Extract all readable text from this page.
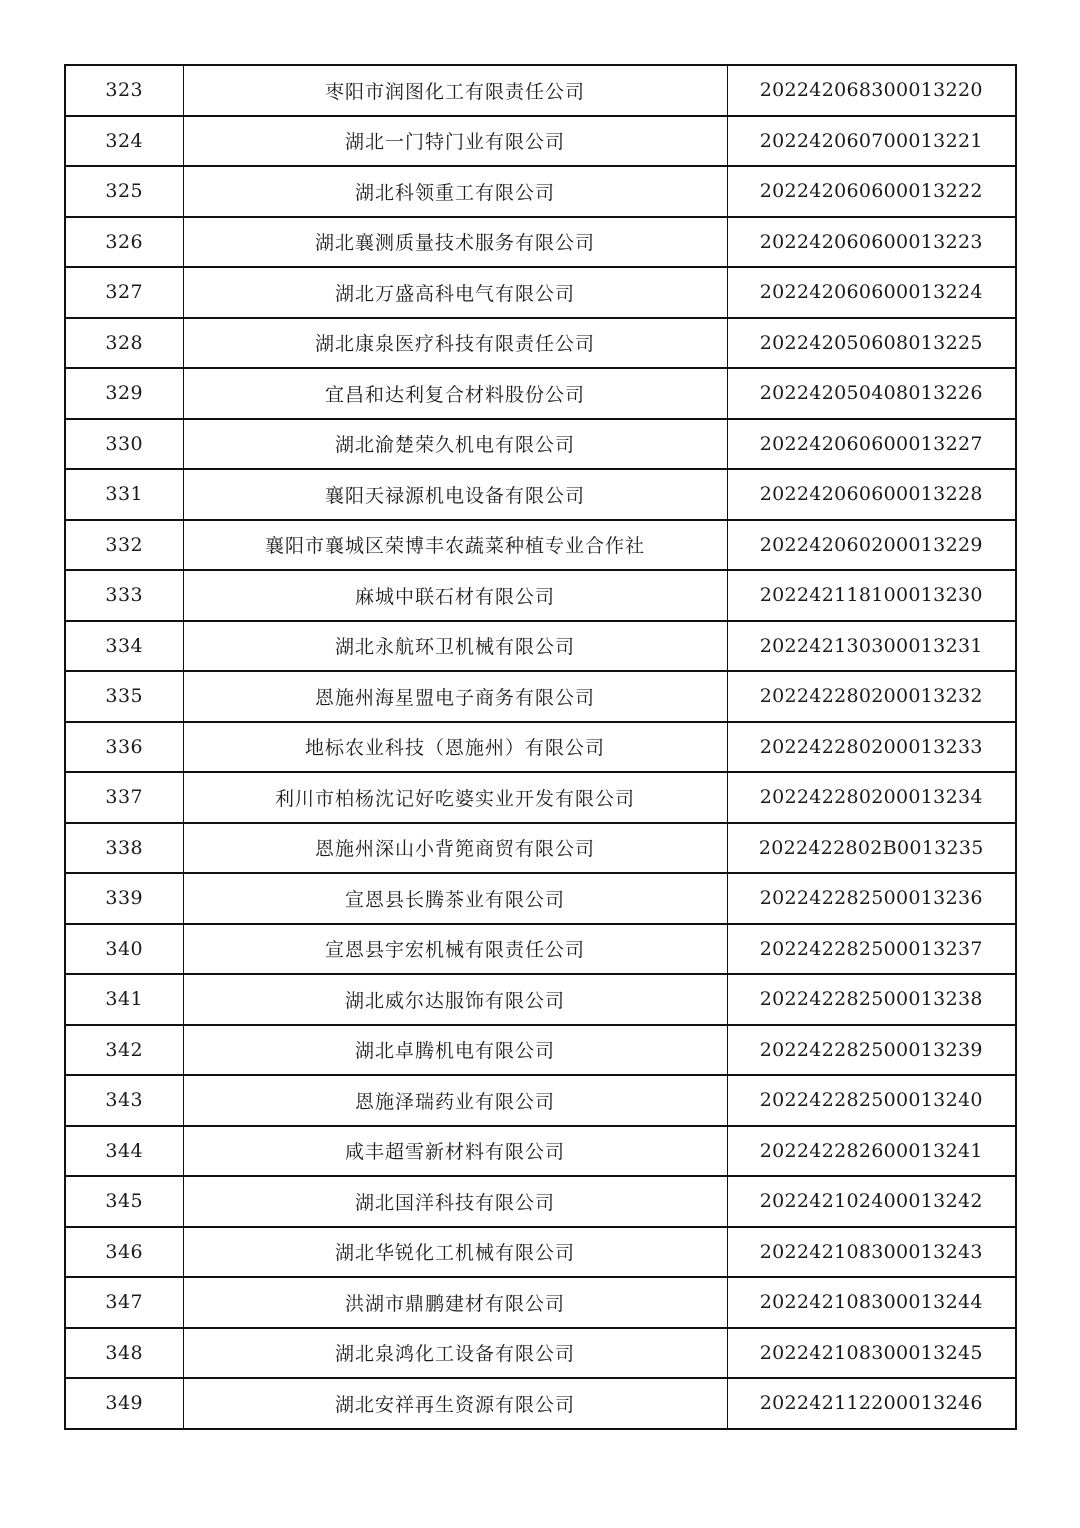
323	枣阳市润图化工有限责任公司	202242068300013220
324	湖北一门特门业有限公司	202242060700013221
325	湖北科领重工有限公司	202242060600013222
326	湖北襄测质量技术服务有限公司	202242060600013223
327	湖北万盛高科电气有限公司	202242060600013224
328	湖北康泉医疗科技有限责任公司	202242050608013225
329	宜昌和达利复合材料股份公司	202242050408013226
330	湖北渝楚荣久机电有限公司	202242060600013227
331	襄阳天禄源机电设备有限公司	202242060600013228
332	襄阳市襄城区荣博丰农蔬菜种植专业合作社	202242060200013229
333	麻城中联石材有限公司	202242118100013230
334	湖北永航环卫机械有限公司	202242130300013231
335	恩施州海星盟电子商务有限公司	202242280200013232
336	地标农业科技（恩施州）有限公司	202242280200013233
337	利川市柏杨沈记好吃婆实业开发有限公司	202242280200013234
338	恩施州深山小背篼商贸有限公司	2022422802B0013235
339	宣恩县长腾茶业有限公司	202242282500013236
340	宣恩县宇宏机械有限责任公司	202242282500013237
341	湖北威尔达服饰有限公司	202242282500013238
342	湖北卓腾机电有限公司	202242282500013239
343	恩施泽瑞药业有限公司	202242282500013240
344	咸丰超雪新材料有限公司	202242282600013241
345	湖北国洋科技有限公司	202242102400013242
346	湖北华锐化工机械有限公司	202242108300013243
347	洪湖市鼎鹏建材有限公司	202242108300013244
348	湖北泉鸿化工设备有限公司	202242108300013245
349	湖北安祥再生资源有限公司	202242112200013246
